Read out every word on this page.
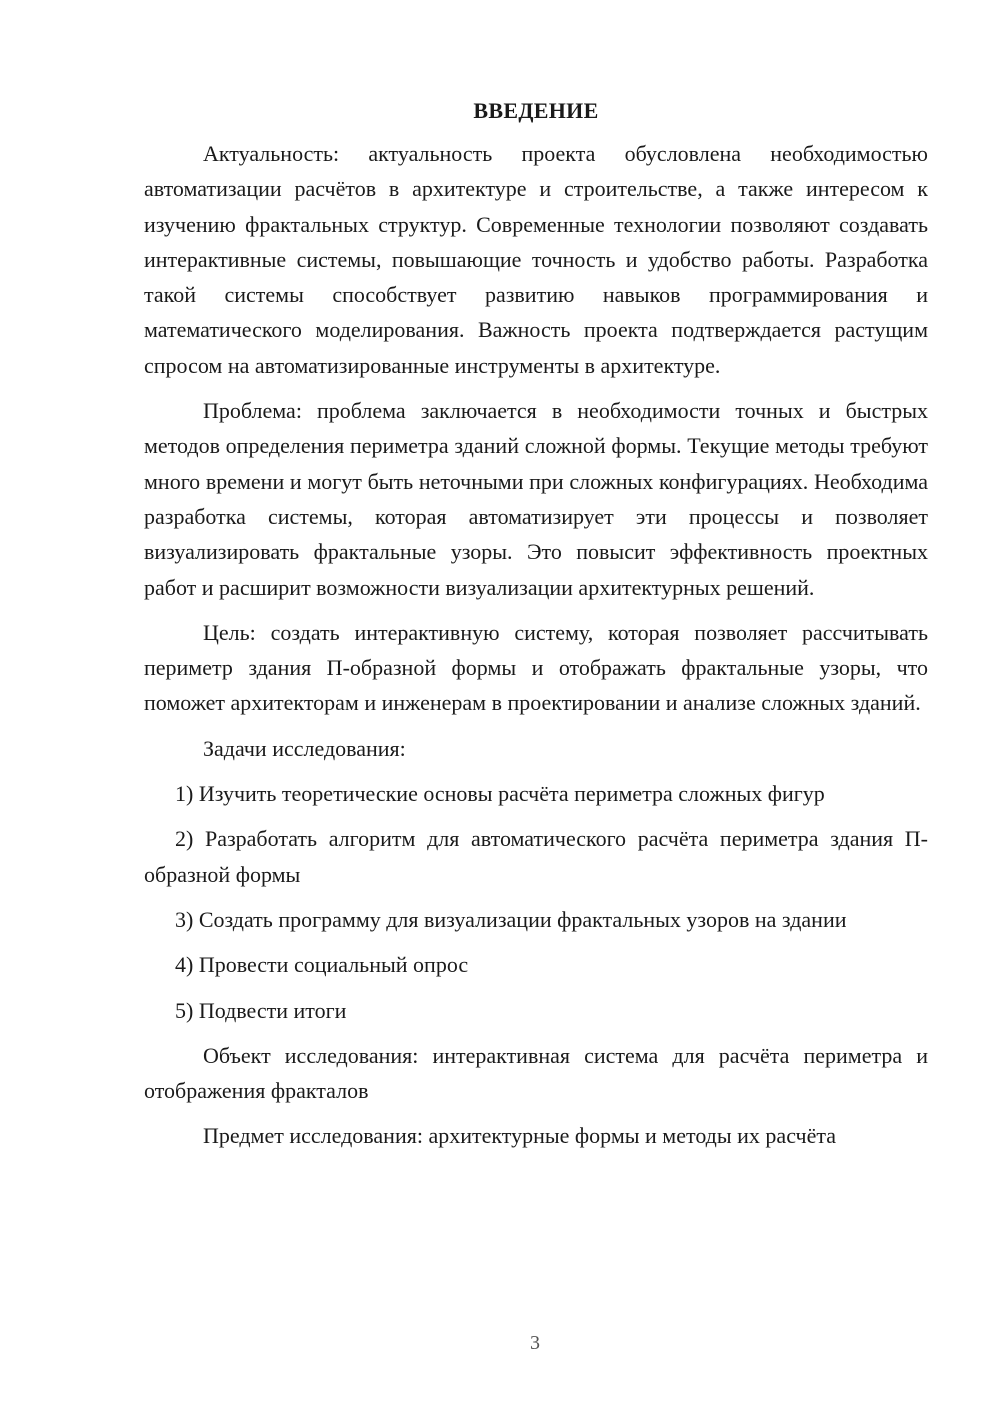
ВВЕДЕНИЕ

Актуальность: актуальность проекта обусловлена необходимостью автоматизации расчётов в архитектуре и строительстве, а также интересом к изучению фрактальных структур. Современные технологии позволяют создавать интерактивные системы, повышающие точность и удобство работы. Разработка такой системы способствует развитию навыков программирования и математического моделирования. Важность проекта подтверждается растущим спросом на автоматизированные инструменты в архитектуре.

Проблема: проблема заключается в необходимости точных и быстрых методов определения периметра зданий сложной формы. Текущие методы требуют много времени и могут быть неточными при сложных конфигурациях. Необходима разработка системы, которая автоматизирует эти процессы и позволяет визуализировать фрактальные узоры. Это повысит эффективность проектных работ и расширит возможности визуализации архитектурных решений.

Цель: создать интерактивную систему, которая позволяет рассчитывать периметр здания П-образной формы и отображать фрактальные узоры, что поможет архитекторам и инженерам в проектировании и анализе сложных зданий.

Задачи исследования:

1) Изучить теоретические основы расчёта периметра сложных фигур

2) Разработать алгоритм для автоматического расчёта периметра здания П-образной формы

3) Создать программу для визуализации фрактальных узоров на здании

4) Провести социальный опрос

5) Подвести итоги

Объект исследования: интерактивная система для расчёта периметра и отображения фракталов

Предмет исследования: архитектурные формы и методы их расчёта

3
